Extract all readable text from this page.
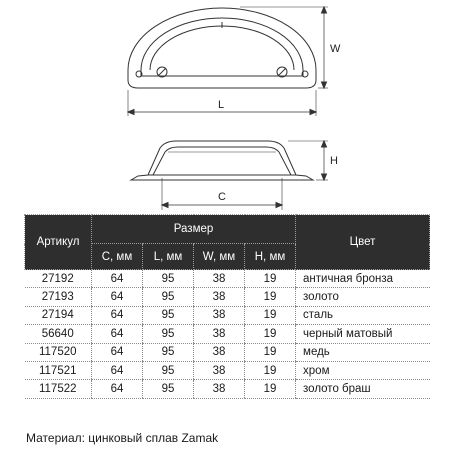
W
L
H
C
Артикул	Размер				Цвет
	C, мм	L, мм	W, мм	H, мм	
27192	64	95	38	19	античная бронза
27193	64	95	38	19	золото
27194	64	95	38	19	сталь
56640	64	95	38	19	черный матовый
117520	64	95	38	19	медь
117521	64	95	38	19	хром
117522	64	95	38	19	золото браш
Материал: цинковый сплав Zamak
